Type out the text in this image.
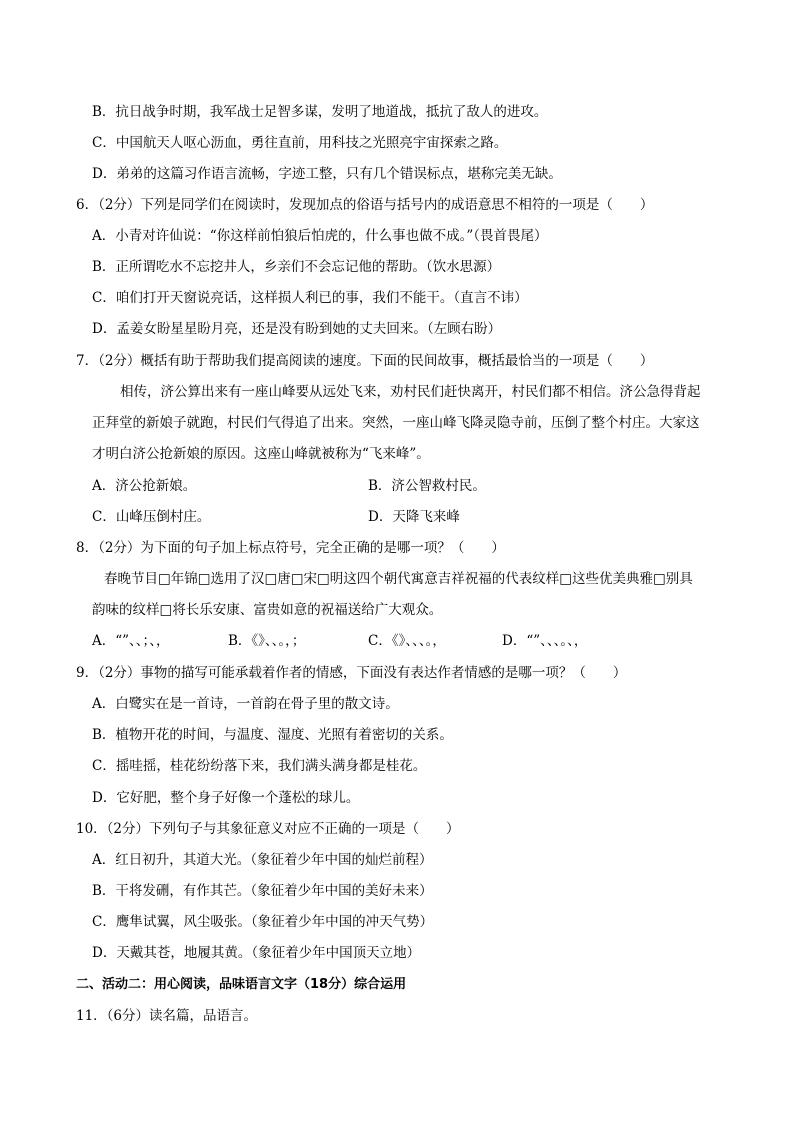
B．抗日战争时期，我军战士足智多谋，发明了地道战，抵抗了敌人的进攻。
C．中国航天人呕心沥血，勇往直前，用科技之光照亮宇宙探索之路。
D．弟弟的这篇习作语言流畅，字迹工整，只有几个错误标点，堪称完美无缺。
6．（2分）下列是同学们在阅读时，发现加点的俗语与括号内的成语意思不相符的一项是（　　）
A．小青对许仙说：“你这样前怕狼后怕虎的，什么事也做不成。”（畏首畏尾）
B．正所谓吃水不忘挖井人，乡亲们不会忘记他的帮助。（饮水思源）
C．咱们打开天窗说亮话，这样损人利已的事，我们不能干。（直言不讳）
D．孟姜女盼星星盼月亮，还是没有盼到她的丈夫回来。（左顾右盼）
7．（2分）概括有助于帮助我们提高阅读的速度。下面的民间故事，概括最恰当的一项是（　　）
相传，济公算出来有一座山峰要从远处飞来，劝村民们赶快离开，村民们都不相信。济公急得背起
正拜堂的新娘子就跑，村民们气得追了出来。突然，一座山峰飞降灵隐寺前，压倒了整个村庄。大家这
才明白济公抢新娘的原因。这座山峰就被称为“飞来峰”。
A．济公抢新娘。	B．济公智救村民。
C．山峰压倒村庄。	D．天降飞来峰
8．（2分）为下面的句子加上标点符号，完全正确的是哪一项？（　　）
春晚节目□年锦□选用了汉□唐□宋□明这四个朝代寓意吉祥祝福的代表纹样□这些优美典雅□别具
韵味的纹样□将长乐安康、富贵如意的祝福送给广大观众。
A．“”、、；、，	B．《》、、。，；	C．《》、、、。，	D．“”、、、。、，
9．（2分）事物的描写可能承载着作者的情感，下面没有表达作者情感的是哪一项？（　　）
A．白鹭实在是一首诗，一首韵在骨子里的散文诗。
B．植物开花的时间，与温度、湿度、光照有着密切的关系。
C．摇哇摇，桂花纷纷落下来，我们满头满身都是桂花。
D．它好肥，整个身子好像一个蓬松的球儿。
10．（2分）下列句子与其象征意义对应不正确的一项是（　　）
A．红日初升，其道大光。（象征着少年中国的灿烂前程）
B．干将发硎，有作其芒。（象征着少年中国的美好未来）
C．鹰隼试翼，风尘吸张。（象征着少年中国的冲天气势）
D．天戴其苍，地履其黄。（象征着少年中国顶天立地）
二、活动二：用心阅读，品味语言文字（18分）综合运用
11．（6分）读名篇，品语言。
